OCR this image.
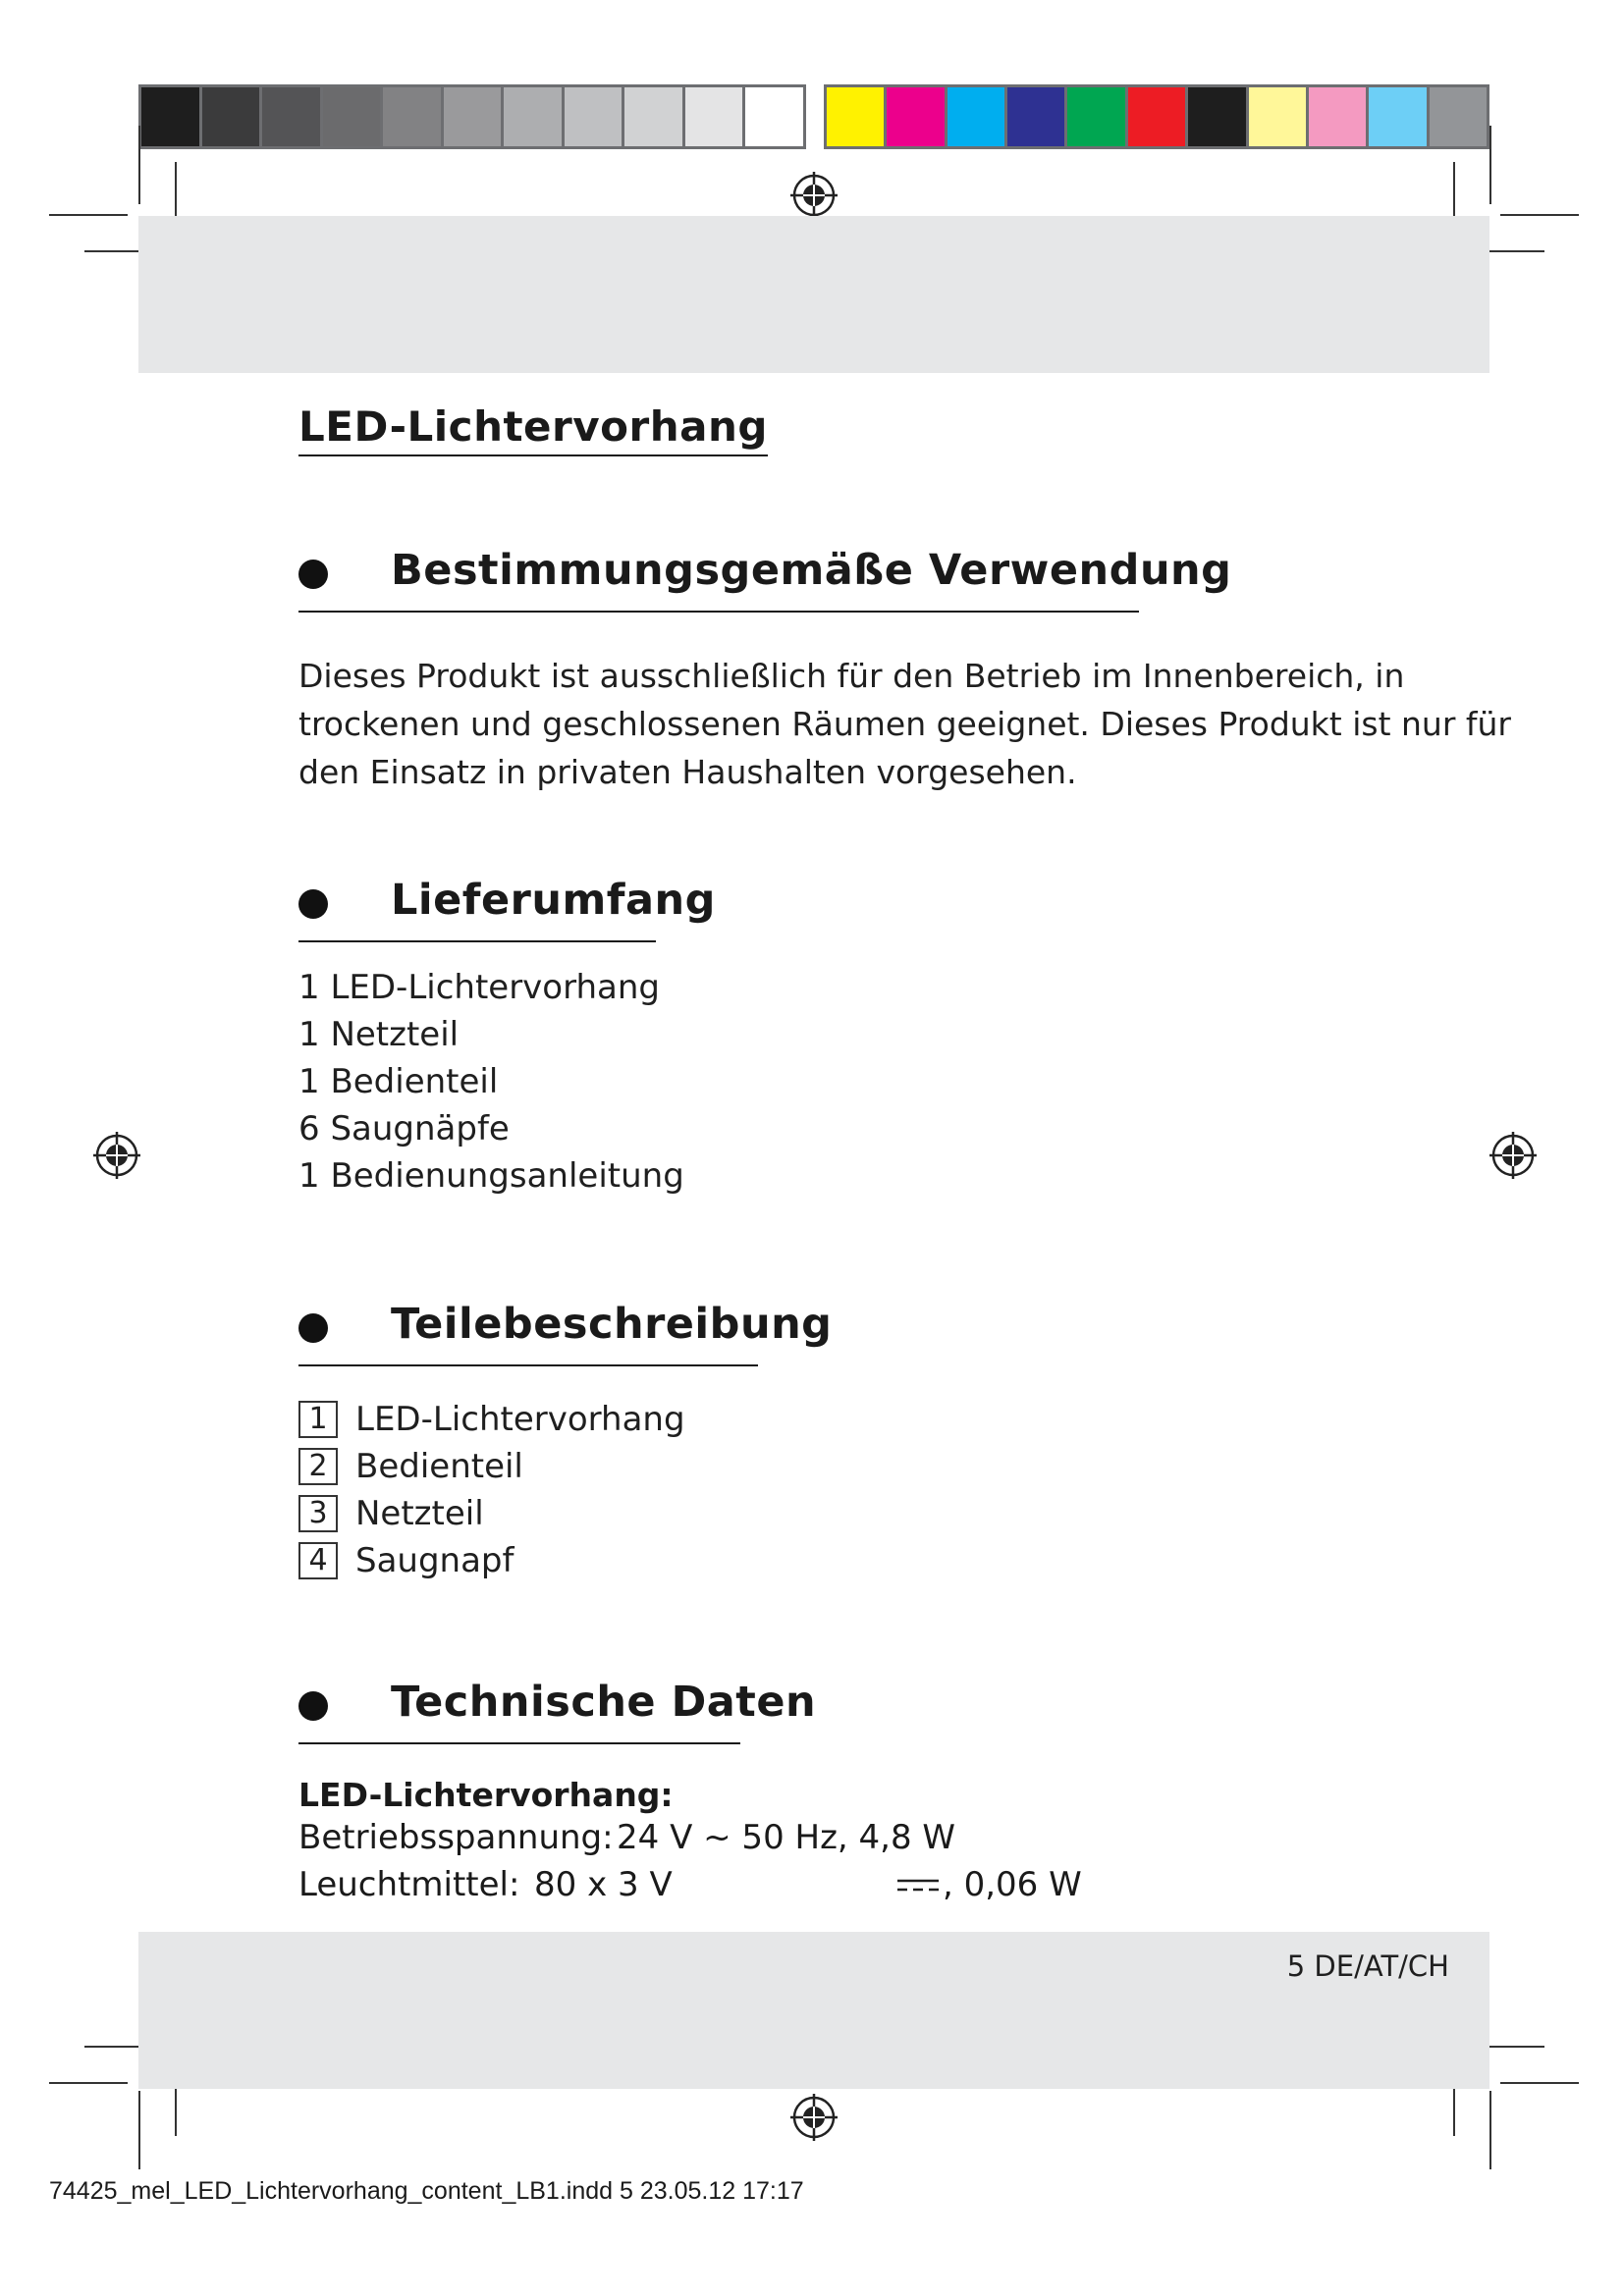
LED-Lichtervorhang
Bestimmungsgemäße Verwendung
Dieses Produkt ist ausschließlich für den Betrieb im Innenbereich, in
trockenen und geschlossenen Räumen geeignet. Dieses Produkt ist nur für
den Einsatz in privaten Haushalten vorgesehen.
Lieferumfang
1 LED-Lichtervorhang
1 Netzteil
1 Bedienteil
6 Saugnäpfe
1 Bedienungsanleitung
Teilebeschreibung
1 LED-Lichtervorhang
2 Bedienteil
3 Netzteil
4 Saugnapf
Technische Daten
LED-Lichtervorhang:
Betriebsspannung: 24 V ~ 50 Hz, 4,8 W
Leuchtmittel: 80 x 3 V	, 0,06 W
5 DE/AT/CH
74425_mel_LED_Lichtervorhang_content_LB1.indd 5 23.05.12 17:17
